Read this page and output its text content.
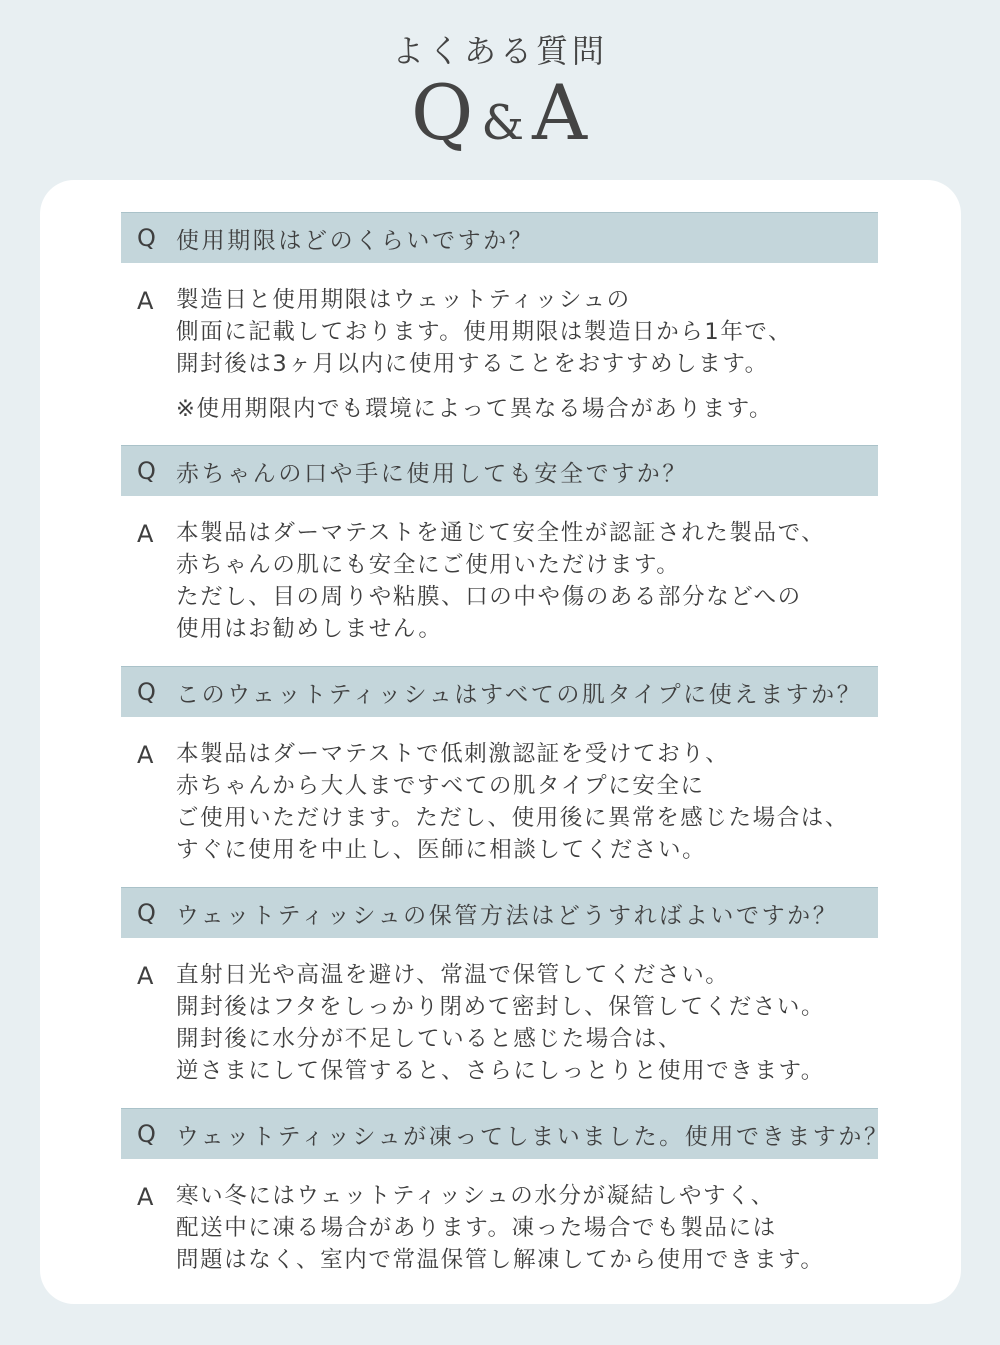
よくある質問
Q &A
Q 使用期限はどのくらいですか？
A	製造日と使用期限はウェットティッシュの
側面に記載しております。使用期限は製造日から1年で、
開封後は3ヶ月以内に使用することをおすすめします。
※使用期限内でも環境によって異なる場合があります。
Q 赤ちゃんの口や手に使用しても安全ですか？
A	本製品はダーマテストを通じて安全性が認証された製品で、
赤ちゃんの肌にも安全にご使用いただけます。
ただし、目の周りや粘膜、口の中や傷のある部分などへの
使用はお勧めしません。
Q このウェットティッシュはすべての肌タイプに使えますか？
A	本製品はダーマテストで低刺激認証を受けており、
赤ちゃんから大人まですべての肌タイプに安全に
ご使用いただけます。ただし、使用後に異常を感じた場合は、
すぐに使用を中止し、医師に相談してください。
Q ウェットティッシュの保管方法はどうすればよいですか？
A	直射日光や高温を避け、常温で保管してください。
開封後はフタをしっかり閉めて密封し、保管してください。
開封後に水分が不足していると感じた場合は、
逆さまにして保管すると、さらにしっとりと使用できます。
Q ウェットティッシュが凍ってしまいました。使用できますか？
A	寒い冬にはウェットティッシュの水分が凝結しやすく、
配送中に凍る場合があります。凍った場合でも製品には
問題はなく、室内で常温保管し解凍してから使用できます。
